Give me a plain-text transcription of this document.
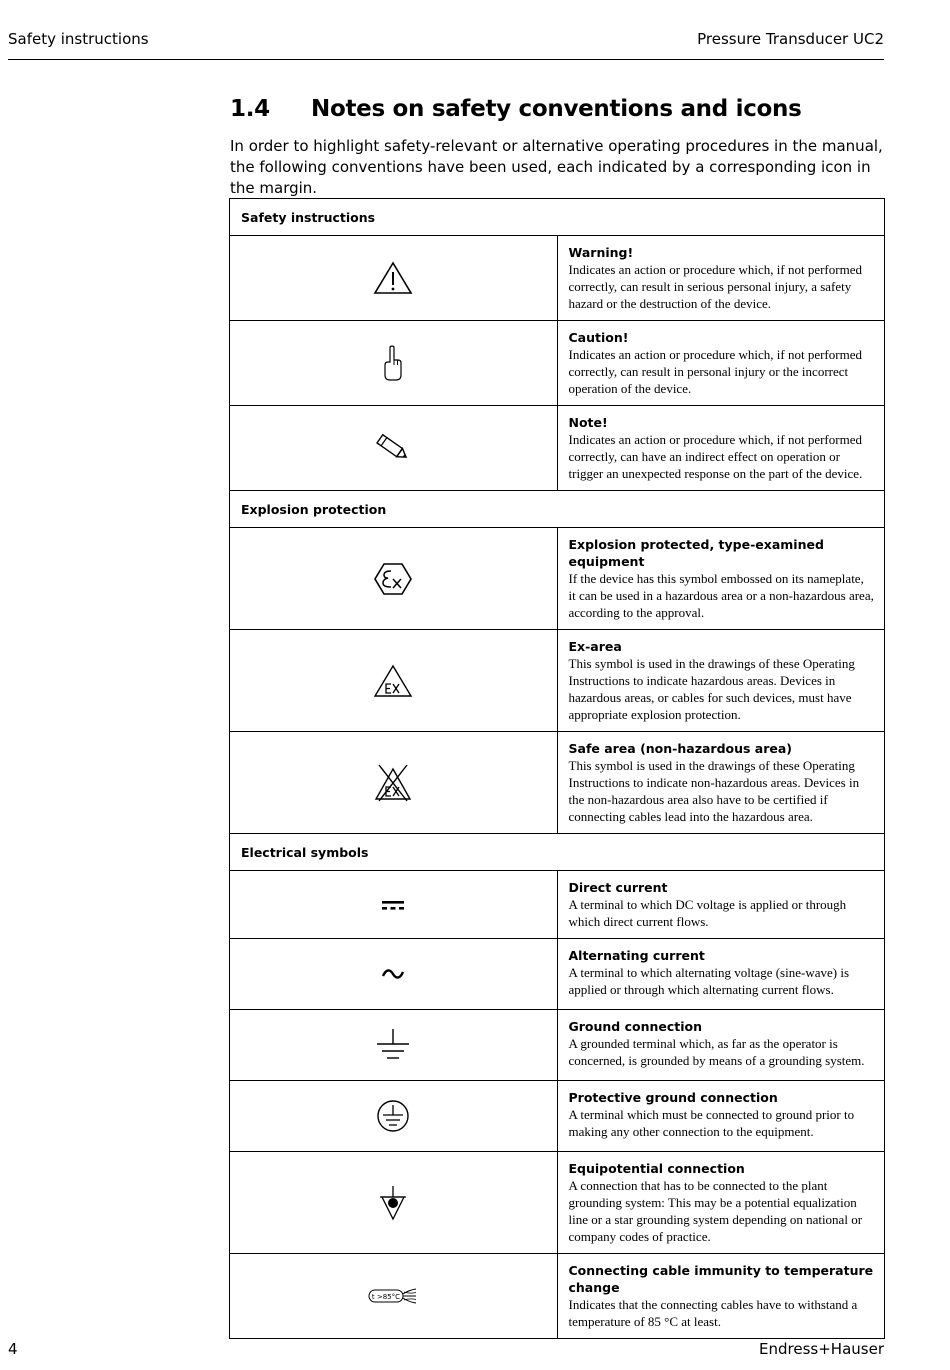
Safety instructions	Pressure Transducer UC2
1.4 Notes on safety conventions and icons
In order to highlight safety-relevant or alternative operating procedures in the manual, the following conventions have been used, each indicated by a corresponding icon in the margin.
Safety instructions	

Warning!
Indicates an action or procedure which, if not performed correctly, can result in serious personal injury, a safety hazard or the destruction of the device.

Caution!
Indicates an action or procedure which, if not performed correctly, can result in personal injury or the incorrect operation of the device.

Note!
Indicates an action or procedure which, if not performed correctly, can have an indirect effect on operation or trigger an unexpected response on the part of the device.

Explosion protection	

Explosion protected, type-examined equipment
If the device has this symbol embossed on its nameplate, it can be used in a hazardous area or a non-hazardous area, according to the approval.

Ex-area
This symbol is used in the drawings of these Operating Instructions to indicate hazardous areas. Devices in hazardous areas, or cables for such devices, must have appropriate explosion protection.

Safe area (non-hazardous area)
This symbol is used in the drawings of these Operating Instructions to indicate non-hazardous areas. Devices in the non-hazardous area also have to be certified if connecting cables lead into the hazardous area.

Electrical symbols	

Direct current
A terminal to which DC voltage is applied or through which direct current flows.

Alternating current
A terminal to which alternating voltage (sine-wave) is applied or through which alternating current flows.

Ground connection
A grounded terminal which, as far as the operator is concerned, is grounded by means of a grounding system.

Protective ground connection
A terminal which must be connected to ground prior to making any other connection to the equipment.

Equipotential connection
A connection that has to be connected to the plant grounding system: This may be a potential equalization line or a star grounding system depending on national or company codes of practice.

t >85°C	Connecting cable immunity to temperature change
Indicates that the connecting cables have to withstand a temperature of 85 °C at least.
4	Endress+Hauser
